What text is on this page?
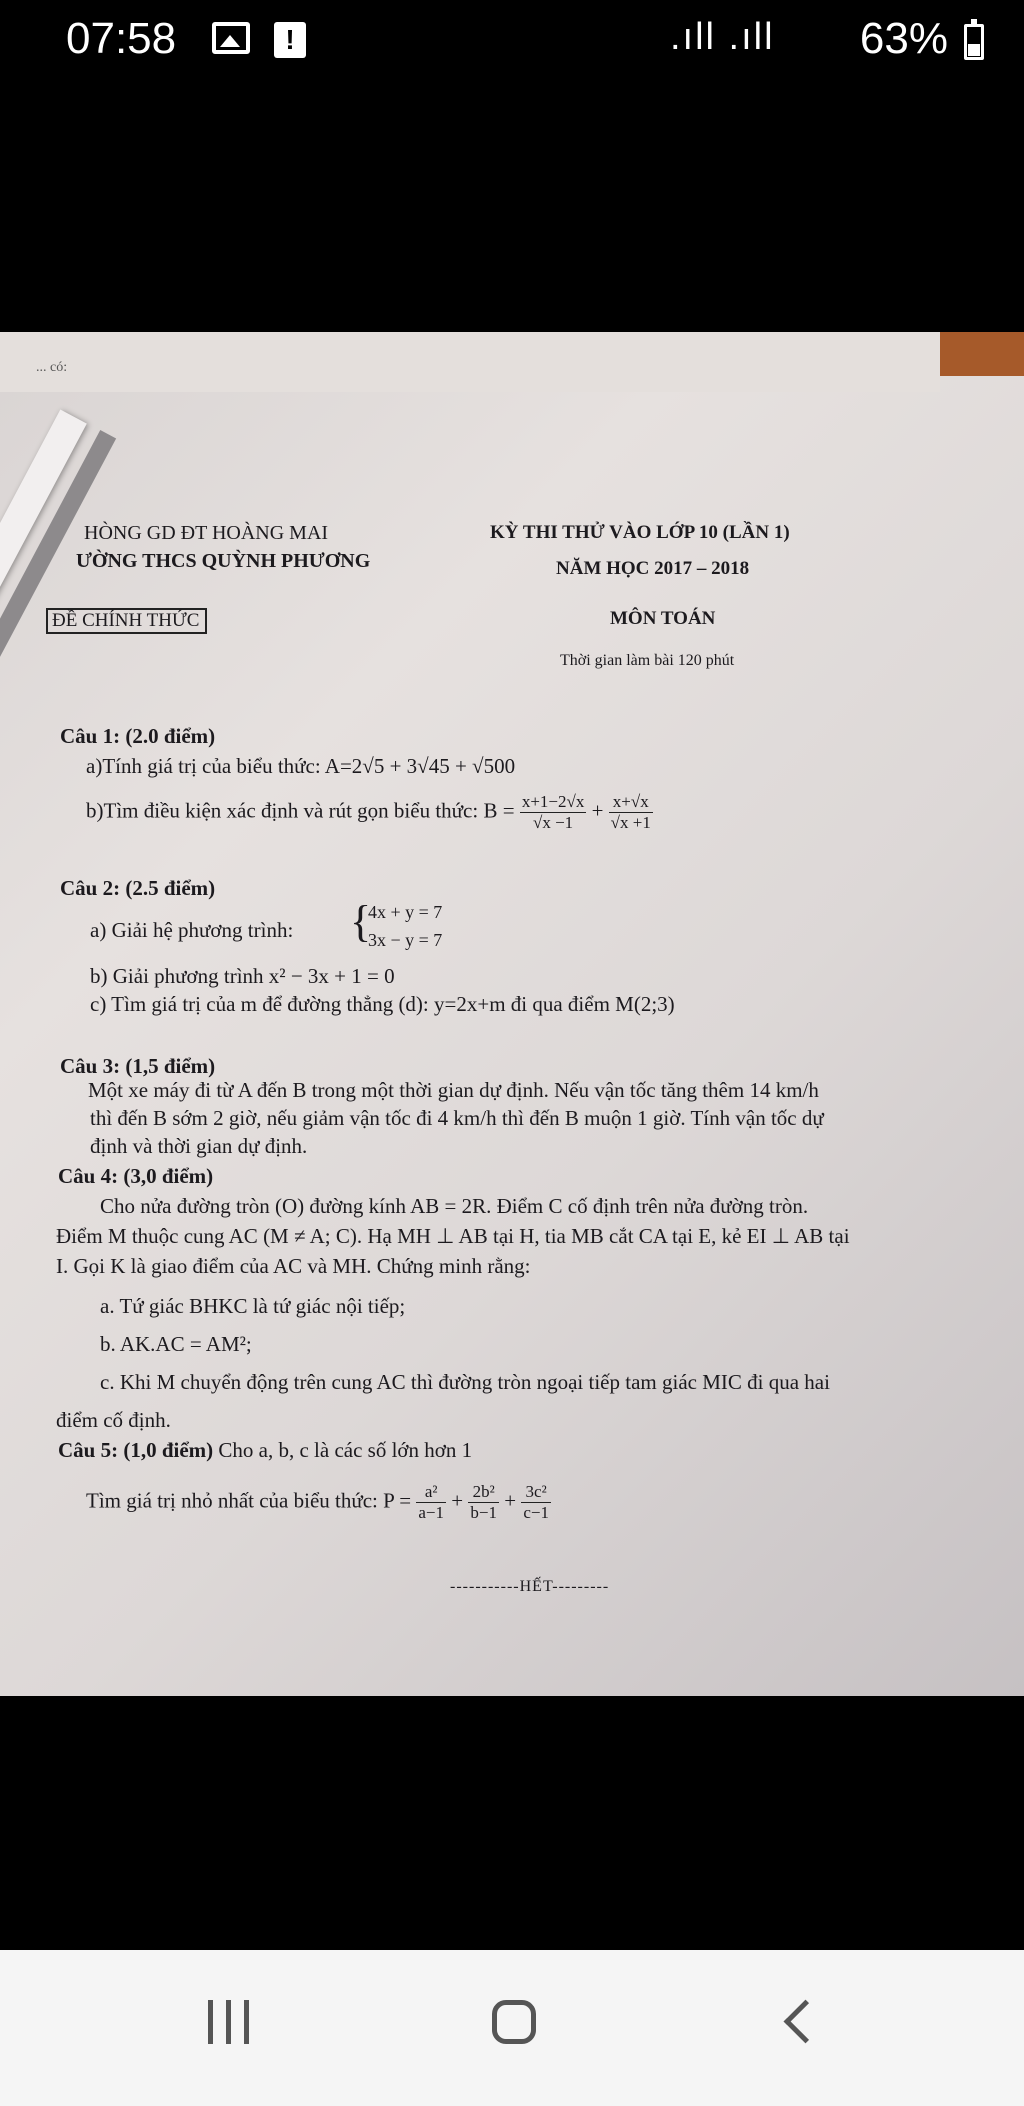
07:58	!	.ıll .ıll 63%
... có:
HÒNG GD ĐT HOÀNG MAI
ƯỜNG THCS QUỲNH PHƯƠNG
ĐỀ CHÍNH THỨC
KỲ THI THỬ VÀO LỚP 10 (LẦN 1)
NĂM HỌC 2017 – 2018
MÔN TOÁN
Thời gian làm bài 120 phút
Câu 1: (2.0 điểm)
a)Tính giá trị của biểu thức: A=2√5 + 3√45 + √500
b)Tìm điều kiện xác định và rút gọn biểu thức: $B = \frac{x+1-2√x}{√x -1} + \frac{x+√x}{√x +1}$
Câu 2: (2.5 điểm)
a) Giải hệ phương trình: {
4x + y = 7
3x − y = 7
b) Giải phương trình x² − 3x + 1 = 0
c) Tìm giá trị của m để đường thẳng (d): y=2x+m đi qua điểm M(2;3)
Câu 3: (1,5 điểm)
Một xe máy đi từ A đến B trong một thời gian dự định. Nếu vận tốc tăng thêm 14 km/h
thì đến B sớm 2 giờ, nếu giảm vận tốc đi 4 km/h thì đến B muộn 1 giờ. Tính vận tốc dự
định và thời gian dự định.
Câu 4: (3,0 điểm)
Cho nửa đường tròn (O) đường kính AB = 2R. Điểm C cố định trên nửa đường tròn.
Điểm M thuộc cung AC (M ≠ A; C). Hạ MH ⊥ AB tại H, tia MB cắt CA tại E, kẻ EI ⊥ AB tại
I. Gọi K là giao điểm của AC và MH. Chứng minh rằng:
a. Tứ giác BHKC là tứ giác nội tiếp;
b. AK.AC = AM²;
c. Khi M chuyển động trên cung AC thì đường tròn ngoại tiếp tam giác MIC đi qua hai
điểm cố định.
Câu 5: (1,0 điểm) Cho a, b, c là các số lớn hơn 1
Tìm giá trị nhỏ nhất của biểu thức: $P = \frac{\text{a²}}{a-1} + \frac{\text{2b²}}{b-1} + \frac{\text{3c²}}{c-1}$
-----------HẾT---------
